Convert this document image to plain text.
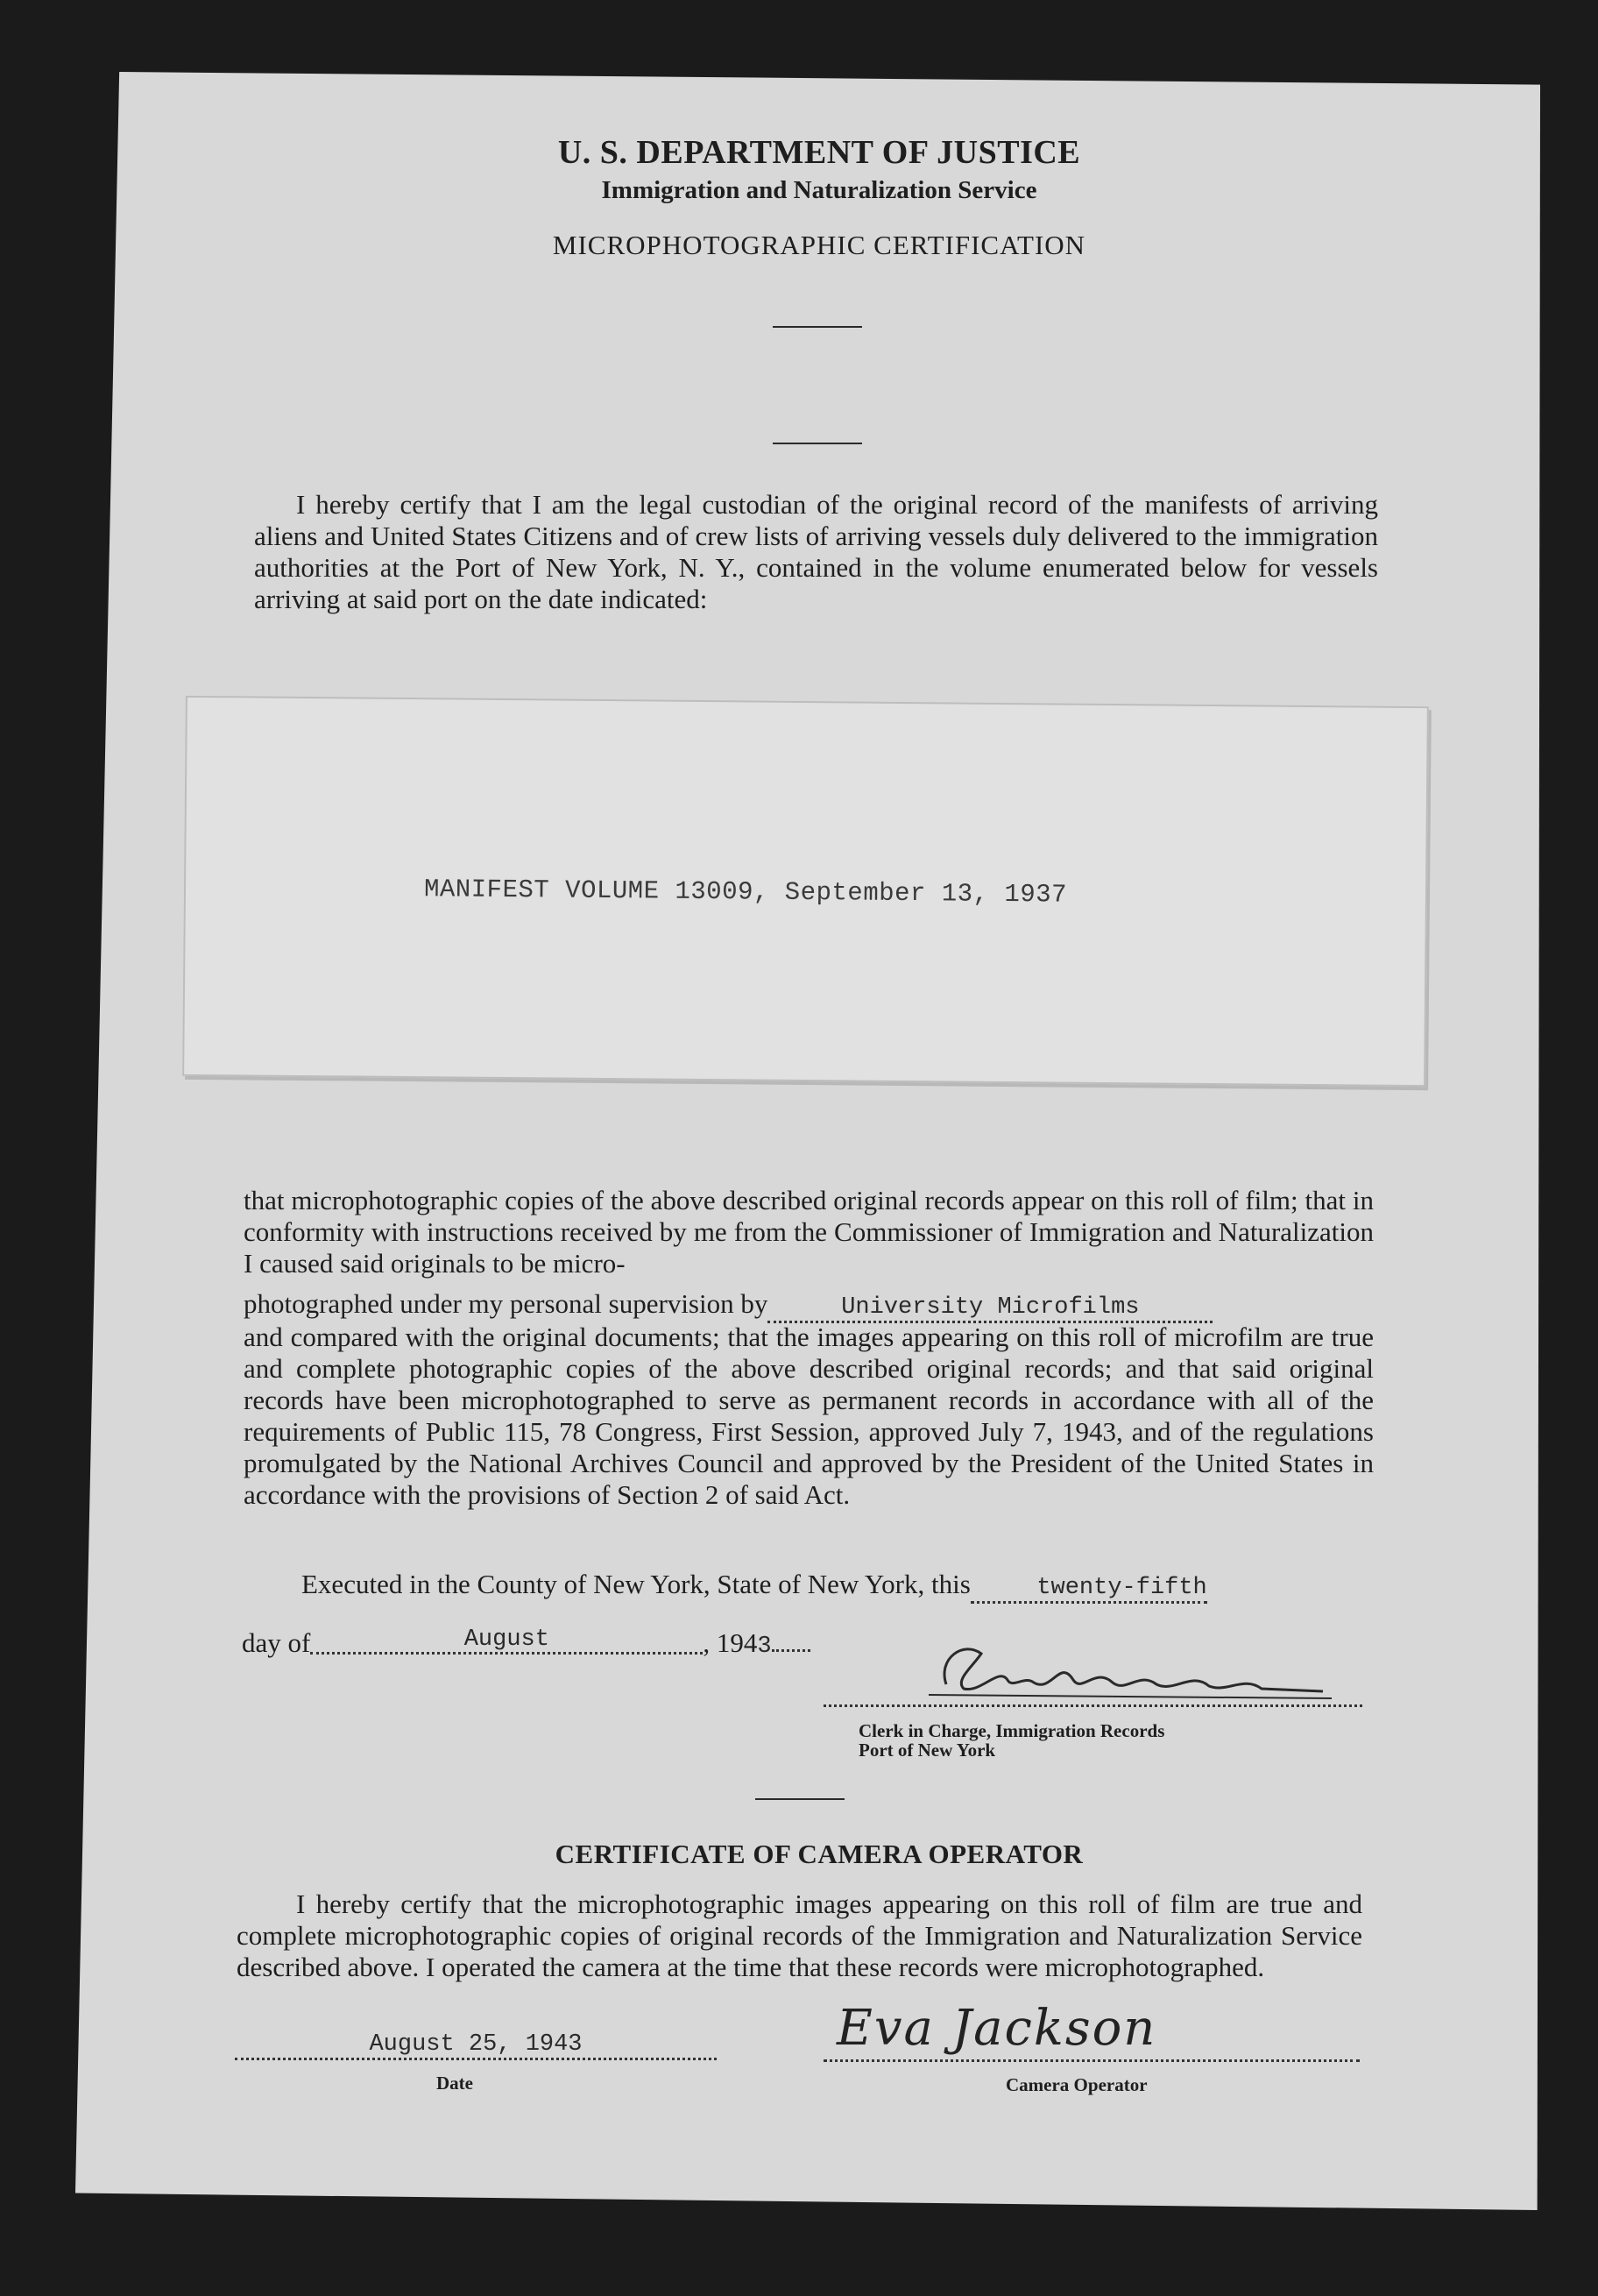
U. S. DEPARTMENT OF JUSTICE
Immigration and Naturalization Service
MICROPHOTOGRAPHIC CERTIFICATION
I hereby certify that I am the legal custodian of the original record of the manifests of arriving aliens and United States Citizens and of crew lists of arriving vessels duly delivered to the immigration authorities at the Port of New York, N. Y., contained in the volume enumerated below for vessels arriving at said port on the date indicated:
MANIFEST VOLUME 13009, September 13, 1937
that microphotographic copies of the above described original records appear on this roll of film; that in conformity with instructions received by me from the Commissioner of Immigration and Naturalization I caused said originals to be micro-
photographed under my personal supervision by	University Microfilms
and compared with the original documents; that the images appearing on this roll of microfilm are true and complete photographic copies of the above described original records; and that said original records have been microphotographed to serve as permanent records in accordance with all of the requirements of Public 115, 78 Congress, First Session, approved July 7, 1943, and of the regulations promulgated by the National Archives Council and approved by the President of the United States in accordance with the provisions of Section 2 of said Act.
Executed in the County of New York, State of New York, this	twenty-fifth
day of	August	, 1943
Clerk in Charge, Immigration Records
Port of New York
CERTIFICATE OF CAMERA OPERATOR
I hereby certify that the microphotographic images appearing on this roll of film are true and complete microphotographic copies of original records of the Immigration and Naturalization Service described above. I operated the camera at the time that these records were microphotographed.
August 25, 1943
Date
Eva Jackson
Camera Operator
